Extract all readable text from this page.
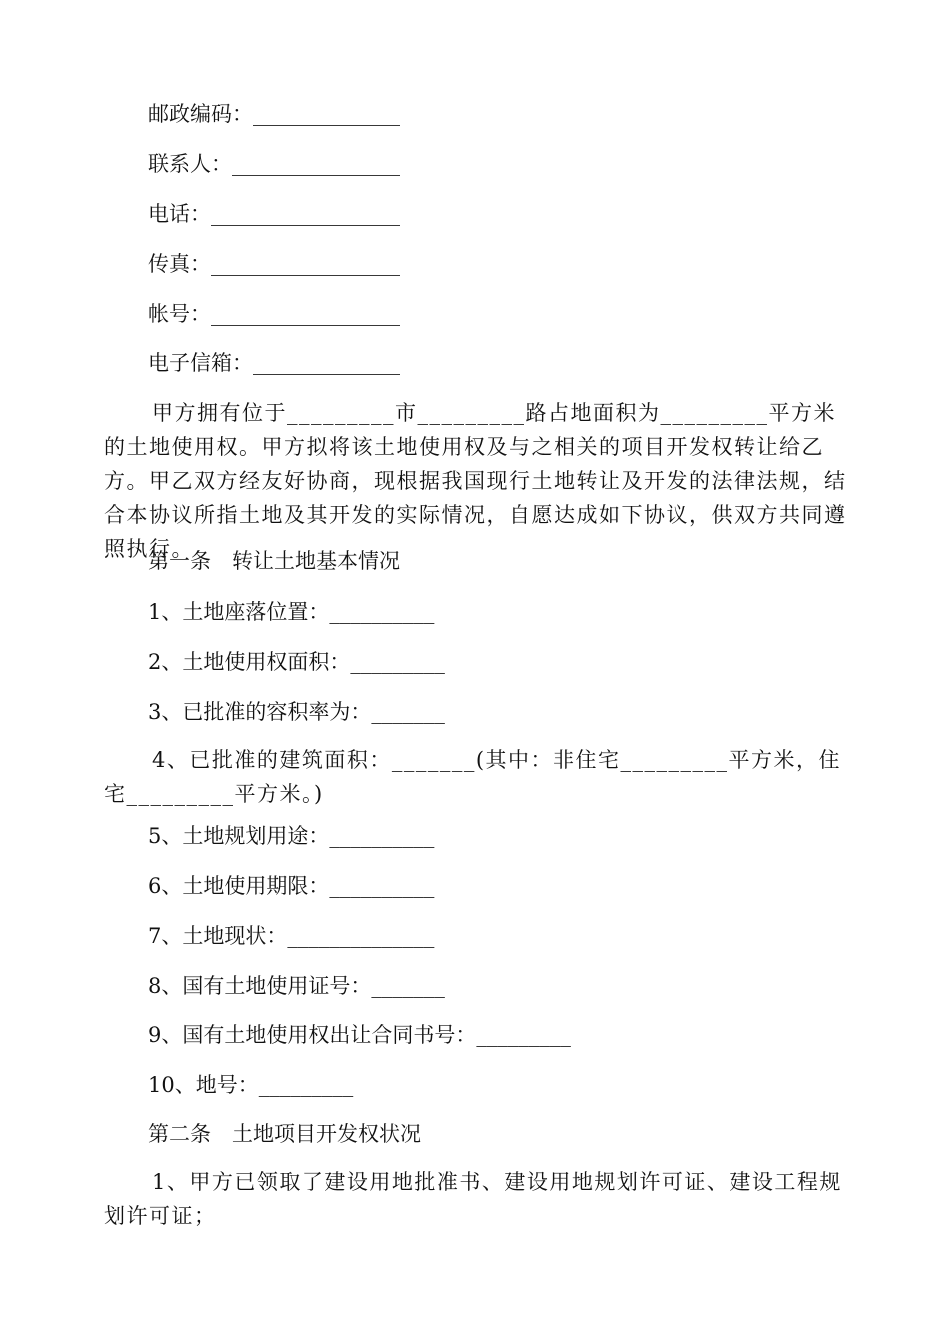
邮政编码：______________
联系人：________________
电话：__________________
传真：__________________
帐号：__________________
电子信箱：______________
甲方拥有位于_________市_________路占地面积为_________平方米的土地使用权。甲方拟将该土地使用权及与之相关的项目开发权转让给乙方。甲乙双方经友好协商，现根据我国现行土地转让及开发的法律法规，结合本协议所指土地及其开发的实际情况，自愿达成如下协议，供双方共同遵照执行。
第一条　转让土地基本情况
1、土地座落位置：__________
2、土地使用权面积：_________
3、已批准的容积率为：_______
4、已批准的建筑面积：_______(其中：非住宅_________平方米，住宅_________平方米。)
5、土地规划用途：__________
6、土地使用期限：__________
7、土地现状：______________
8、国有土地使用证号：_______
9、国有土地使用权出让合同书号：_________
10、地号：_________
第二条　土地项目开发权状况
1、甲方已领取了建设用地批准书、建设用地规划许可证、建设工程规划许可证；
